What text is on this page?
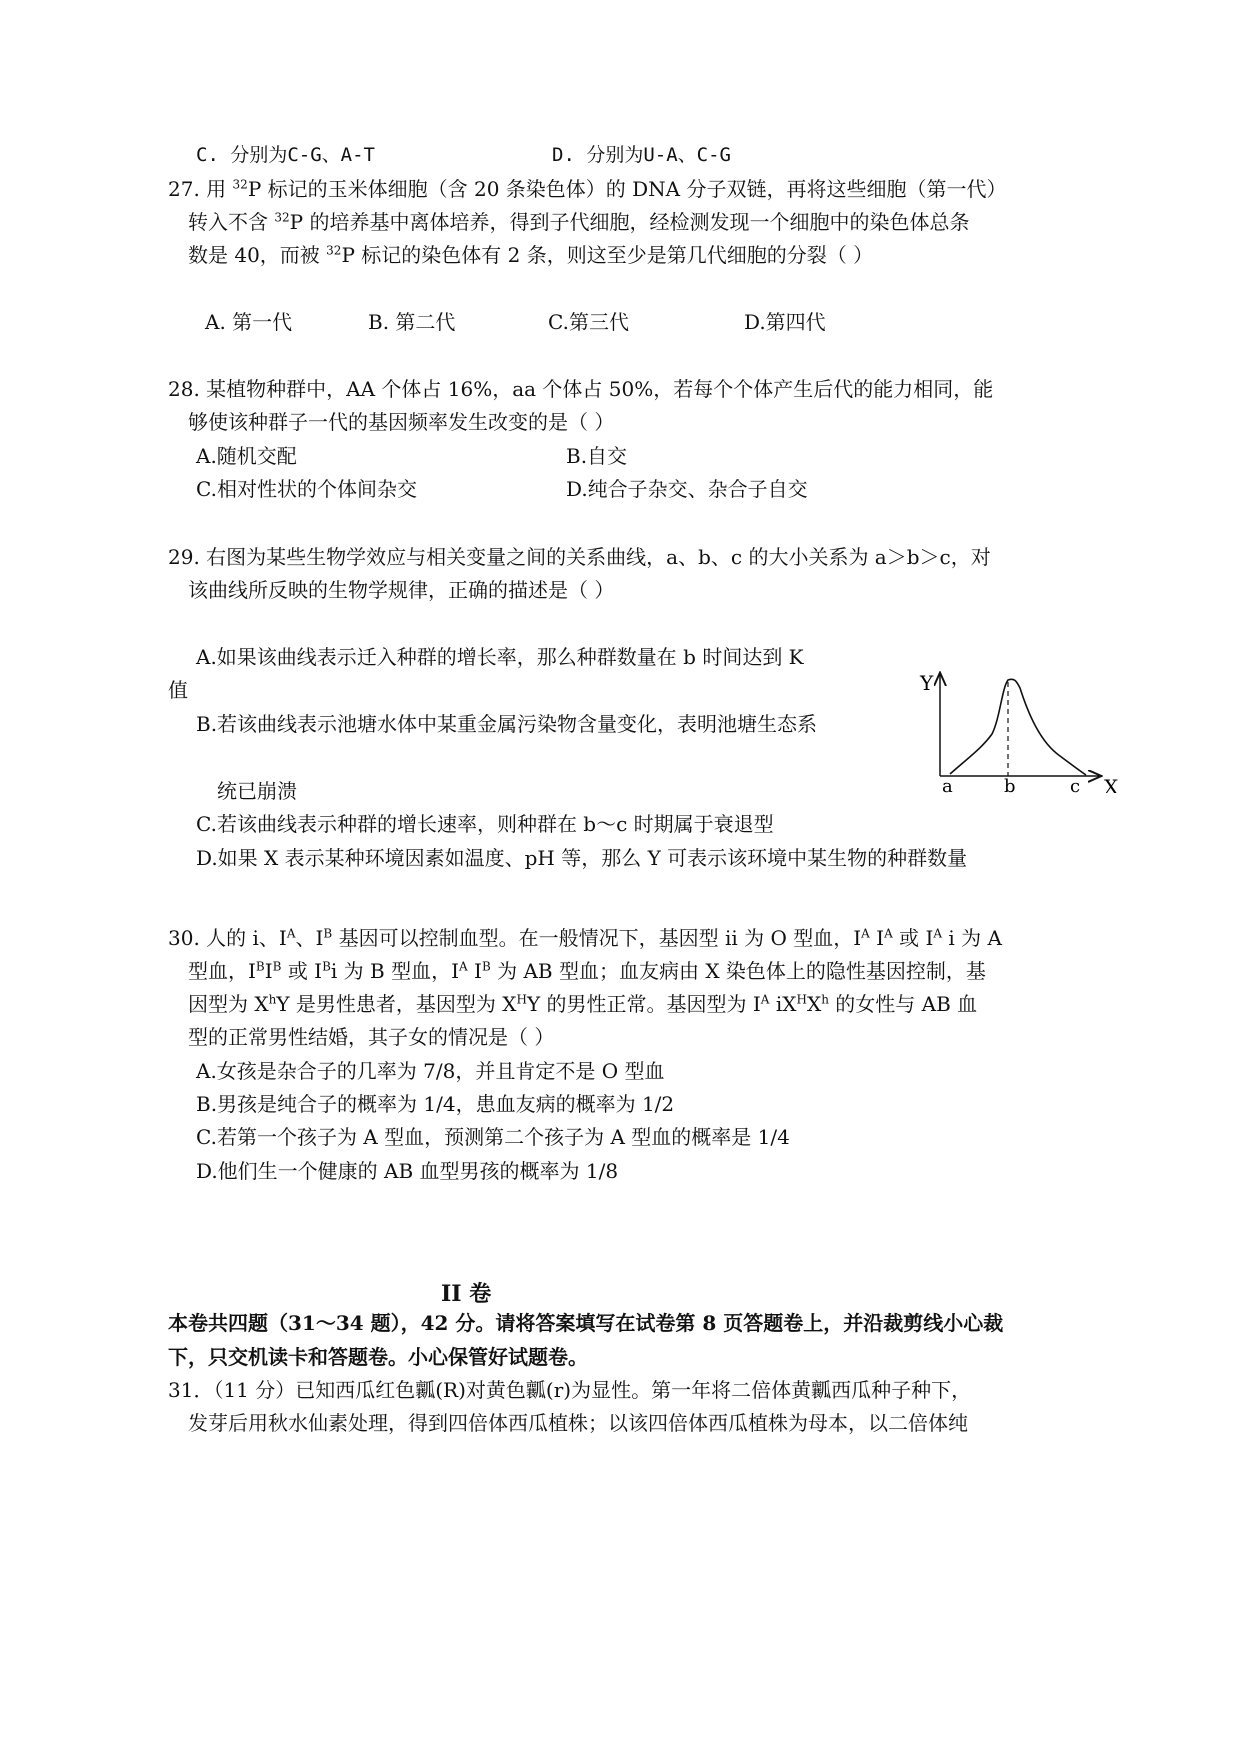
C. 分别为C-G、A-T	D. 分别为U-A、C-G
27. 用 $^{32}$P 标记的玉米体细胞（含 20 条染色体）的 DNA 分子双链，再将这些细胞（第一代）
转入不含 $^{32}$P 的培养基中离体培养，得到子代细胞，经检测发现一个细胞中的染色体总条
数是 40，而被 $^{32}$P 标记的染色体有 2 条，则这至少是第几代细胞的分裂（ ）
A. 第一代	B. 第二代	C.第三代	D.第四代
28. 某植物种群中，AA 个体占 16%，aa 个体占 50%，若每个个体产生后代的能力相同，能
够使该种群子一代的基因频率发生改变的是（ ）
A.随机交配	B.自交
C.相对性状的个体间杂交	D.纯合子杂交、杂合子自交
29. 右图为某些生物学效应与相关变量之间的关系曲线，a、b、c 的大小关系为 a＞b＞c，对
该曲线所反映的生物学规律，正确的描述是（ ）
A.如果该曲线表示迁入种群的增长率，那么种群数量在 b 时间达到 K
值
B.若该曲线表示池塘水体中某重金属污染物含量变化，表明池塘生态系
统已崩溃
C.若该曲线表示种群的增长速率，则种群在 b～c 时期属于衰退型
D.如果 X 表示某种环境因素如温度、pH 等，那么 Y 可表示该环境中某生物的种群数量
Y
X
a	b	c
30. 人的 i、$I^A$、$I^B$ 基因可以控制血型。在一般情况下，基因型 ii 为 O 型血，$I^A$ $I^A$ 或 $I^A$ i 为 A
型血，$I^BI^B$ 或 $I^Bi$ 为 B 型血，$I^A$ $I^B$ 为 AB 型血；血友病由 X 染色体上的隐性基因控制，基
因型为 $X^hY$ 是男性患者，基因型为 $X^HY$ 的男性正常。基因型为 $I^A$ $iX^HX^h$ 的女性与 AB 血
型的正常男性结婚，其子女的情况是（ ）
A.女孩是杂合子的几率为 7/8，并且肯定不是 O 型血
B.男孩是纯合子的概率为 1/4，患血友病的概率为 1/2
C.若第一个孩子为 A 型血，预测第二个孩子为 A 型血的概率是 1/4
D.他们生一个健康的 AB 血型男孩的概率为 1/8
II 卷
本卷共四题（31～34 题），42 分。请将答案填写在试卷第 8 页答题卷上，并沿裁剪线小心裁
下，只交机读卡和答题卷。小心保管好试题卷。
31．（11 分）已知西瓜红色瓤(R)对黄色瓤(r)为显性。第一年将二倍体黄瓤西瓜种子种下，
发芽后用秋水仙素处理，得到四倍体西瓜植株；以该四倍体西瓜植株为母本，以二倍体纯
